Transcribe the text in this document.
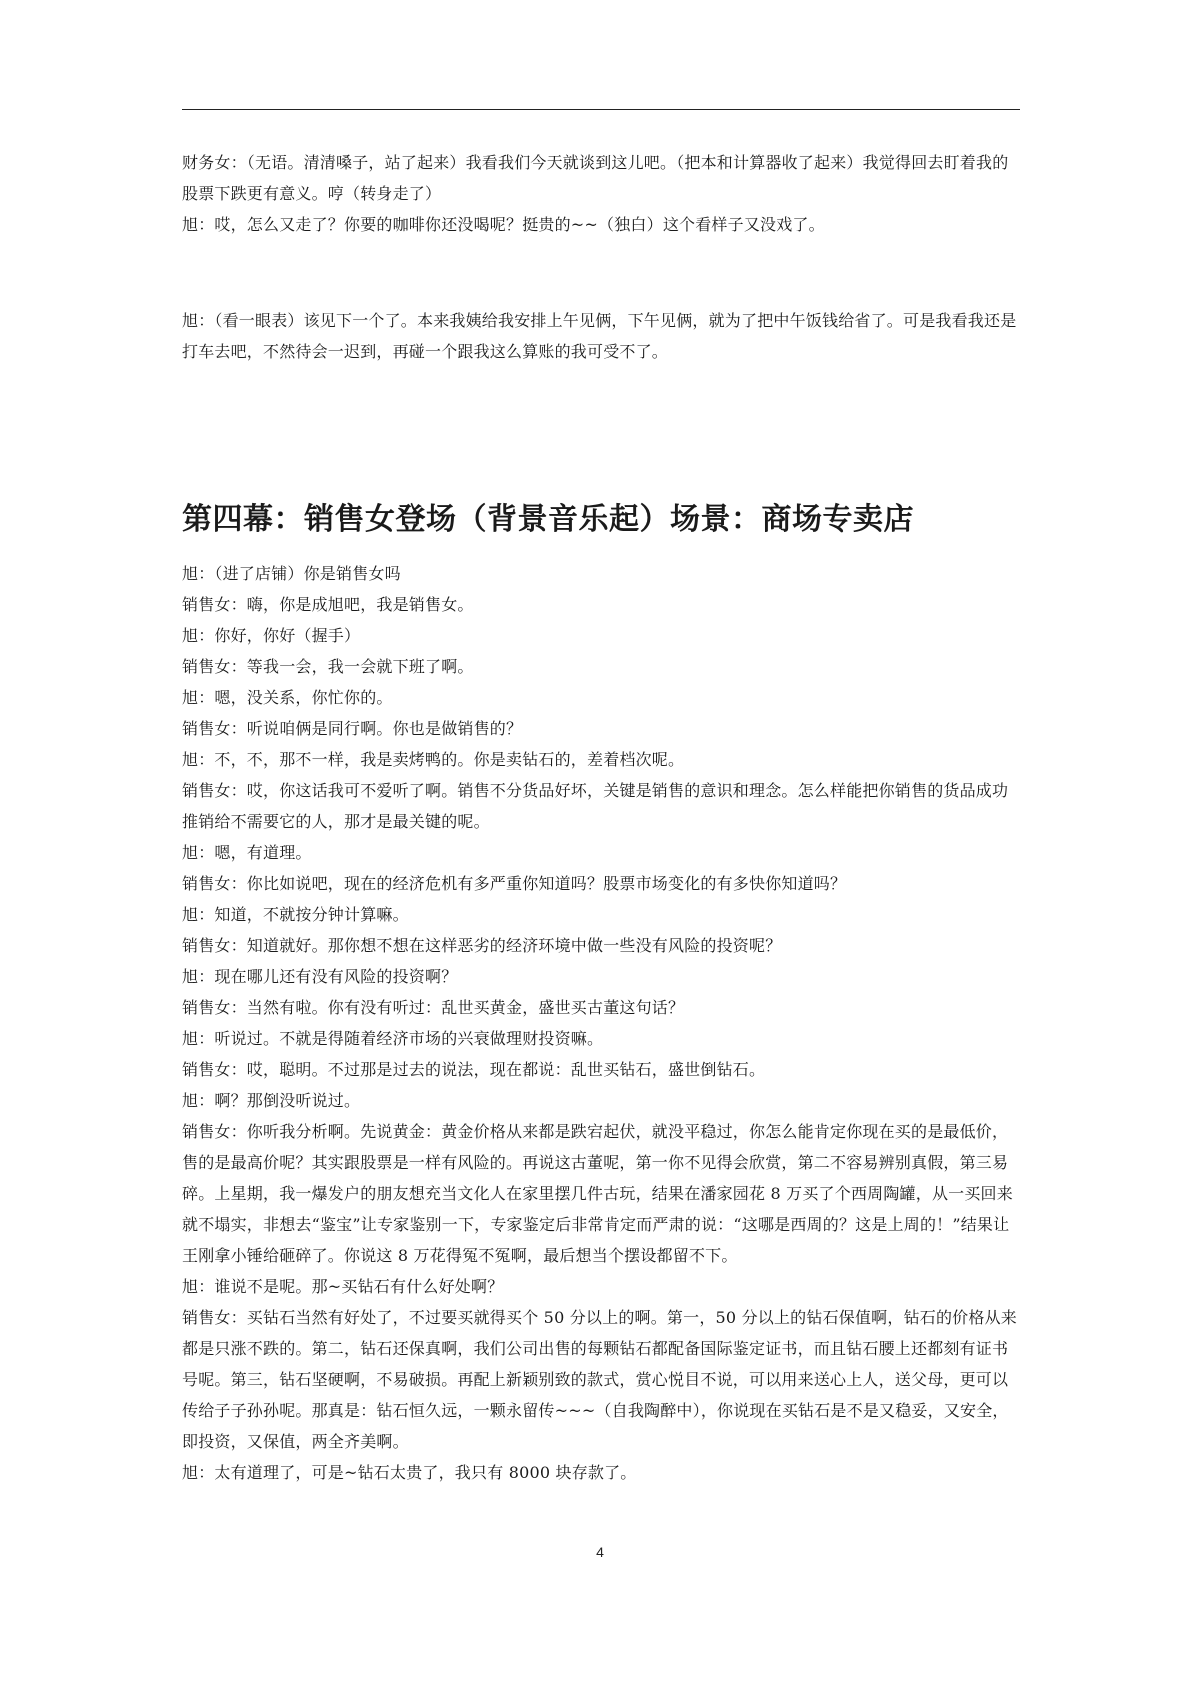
财务女：（无语。清清嗓子，站了起来）我看我们今天就谈到这儿吧。（把本和计算器收了起来）我觉得回去盯着我的股票下跌更有意义。哼（转身走了）

旭：哎，怎么又走了？你要的咖啡你还没喝呢？挺贵的~~（独白）这个看样子又没戏了。

旭：（看一眼表）该见下一个了。本来我姨给我安排上午见俩，下午见俩，就为了把中午饭钱给省了。可是我看我还是打车去吧，不然待会一迟到，再碰一个跟我这么算账的我可受不了。

第四幕：销售女登场（背景音乐起）场景：商场专卖店

旭：（进了店铺）你是销售女吗

销售女：嗨，你是成旭吧，我是销售女。

旭：你好，你好（握手）

销售女：等我一会，我一会就下班了啊。

旭：嗯，没关系，你忙你的。

销售女：听说咱俩是同行啊。你也是做销售的？

旭：不，不，那不一样，我是卖烤鸭的。你是卖钻石的，差着档次呢。

销售女：哎，你这话我可不爱听了啊。销售不分货品好坏，关键是销售的意识和理念。怎么样能把你销售的货品成功推销给不需要它的人，那才是最关键的呢。

旭：嗯，有道理。

销售女：你比如说吧，现在的经济危机有多严重你知道吗？股票市场变化的有多快你知道吗？

旭：知道，不就按分钟计算嘛。

销售女：知道就好。那你想不想在这样恶劣的经济环境中做一些没有风险的投资呢？

旭：现在哪儿还有没有风险的投资啊？

销售女：当然有啦。你有没有听过：乱世买黄金，盛世买古董这句话？

旭：听说过。不就是得随着经济市场的兴衰做理财投资嘛。

销售女：哎，聪明。不过那是过去的说法，现在都说：乱世买钻石，盛世倒钻石。

旭：啊？那倒没听说过。

销售女：你听我分析啊。先说黄金：黄金价格从来都是跌宕起伏，就没平稳过，你怎么能肯定你现在买的是最低价，售的是最高价呢？其实跟股票是一样有风险的。再说这古董呢，第一你不见得会欣赏，第二不容易辨别真假，第三易碎。上星期，我一爆发户的朋友想充当文化人在家里摆几件古玩，结果在潘家园花 8 万买了个西周陶罐，从一买回来就不塌实，非想去“鉴宝”让专家鉴别一下，专家鉴定后非常肯定而严肃的说：“这哪是西周的？这是上周的！”结果让王刚拿小锤给砸碎了。你说这 8 万花得冤不冤啊，最后想当个摆设都留不下。

旭：谁说不是呢。那~买钻石有什么好处啊？

销售女：买钻石当然有好处了，不过要买就得买个 50 分以上的啊。第一，50 分以上的钻石保值啊，钻石的价格从来都是只涨不跌的。第二，钻石还保真啊，我们公司出售的每颗钻石都配备国际鉴定证书，而且钻石腰上还都刻有证书号呢。第三，钻石坚硬啊，不易破损。再配上新颖别致的款式，赏心悦目不说，可以用来送心上人，送父母，更可以传给子子孙孙呢。那真是：钻石恒久远，一颗永留传~~~（自我陶醉中），你说现在买钻石是不是又稳妥，又安全，即投资，又保值，两全齐美啊。

旭：太有道理了，可是~钻石太贵了，我只有 8000 块存款了。

4
